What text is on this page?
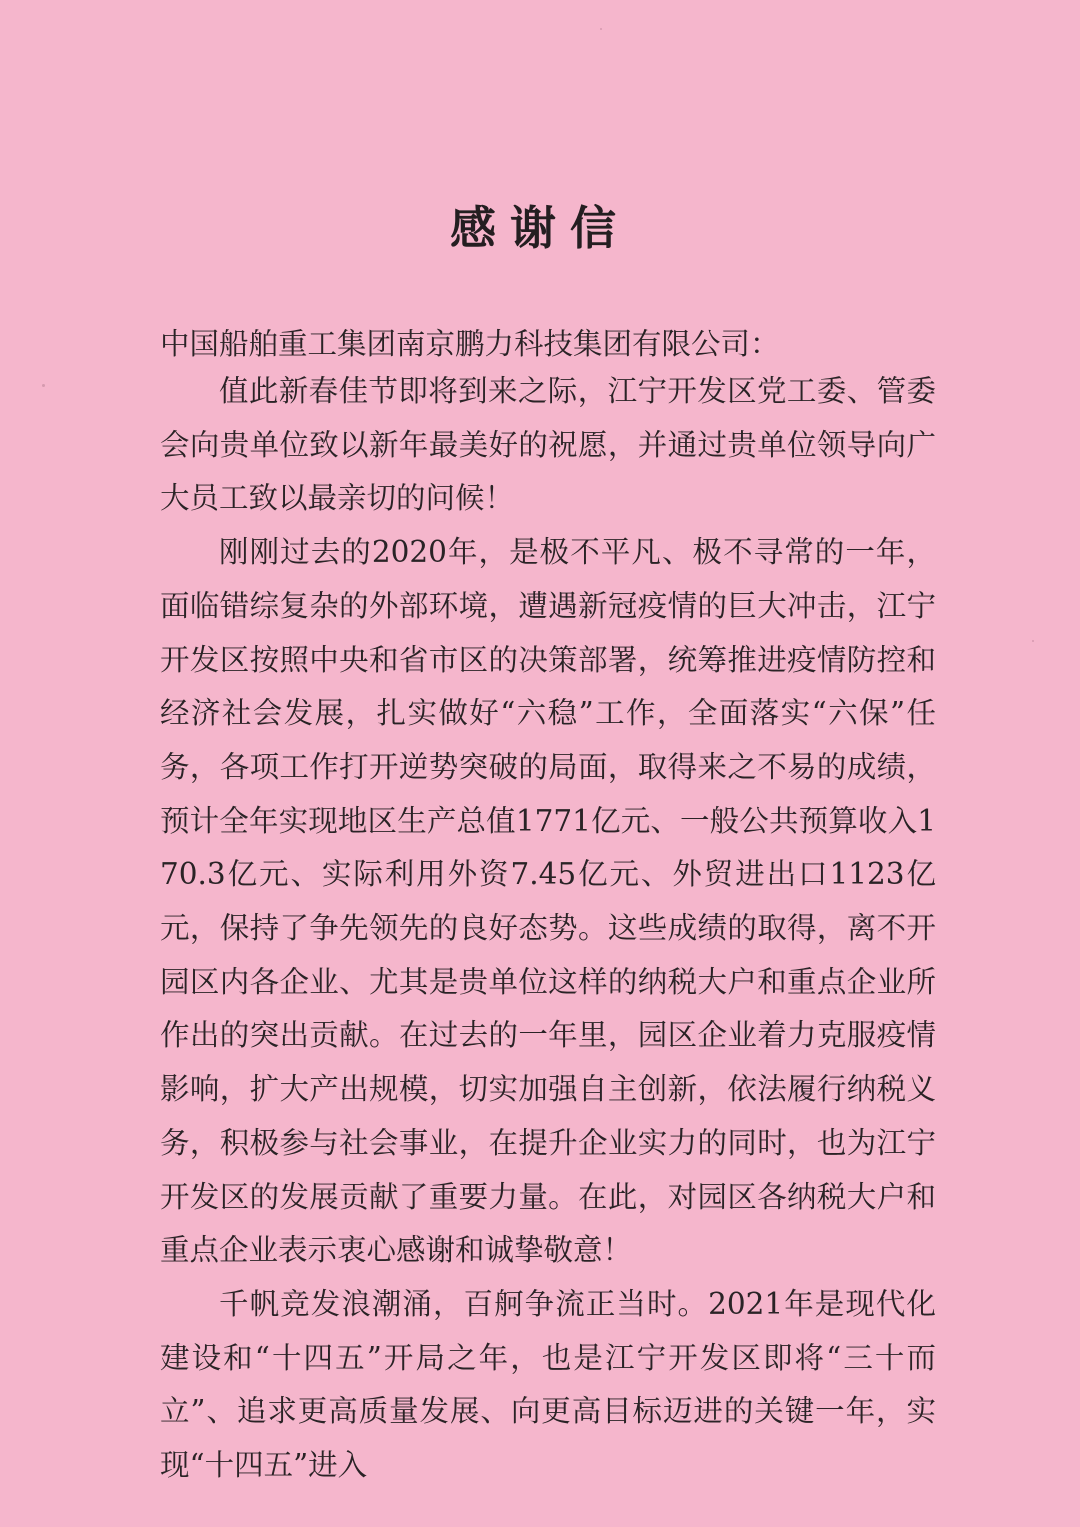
感谢信
中国船舶重工集团南京鹏力科技集团有限公司：

值此新春佳节即将到来之际，江宁开发区党工委、管委会向贵单位致以新年最美好的祝愿，并通过贵单位领导向广大员工致以最亲切的问候！

刚刚过去的2020年，是极不平凡、极不寻常的一年，面临错综复杂的外部环境，遭遇新冠疫情的巨大冲击，江宁开发区按照中央和省市区的决策部署，统筹推进疫情防控和经济社会发展，扎实做好“六稳”工作，全面落实“六保”任务，各项工作打开逆势突破的局面，取得来之不易的成绩，预计全年实现地区生产总值1771亿元、一般公共预算收入170.3亿元、实际利用外资7.45亿元、外贸进出口1123亿元，保持了争先领先的良好态势。这些成绩的取得，离不开园区内各企业、尤其是贵单位这样的纳税大户和重点企业所作出的突出贡献。在过去的一年里，园区企业着力克服疫情影响，扩大产出规模，切实加强自主创新，依法履行纳税义务，积极参与社会事业，在提升企业实力的同时，也为江宁开发区的发展贡献了重要力量。在此，对园区各纳税大户和重点企业表示衷心感谢和诚挚敬意！

千帆竞发浪潮涌，百舸争流正当时。2021年是现代化建设和“十四五”开局之年，也是江宁开发区即将“三十而立”、追求更高质量发展、向更高目标迈进的关键一年，实现“十四五”进入
